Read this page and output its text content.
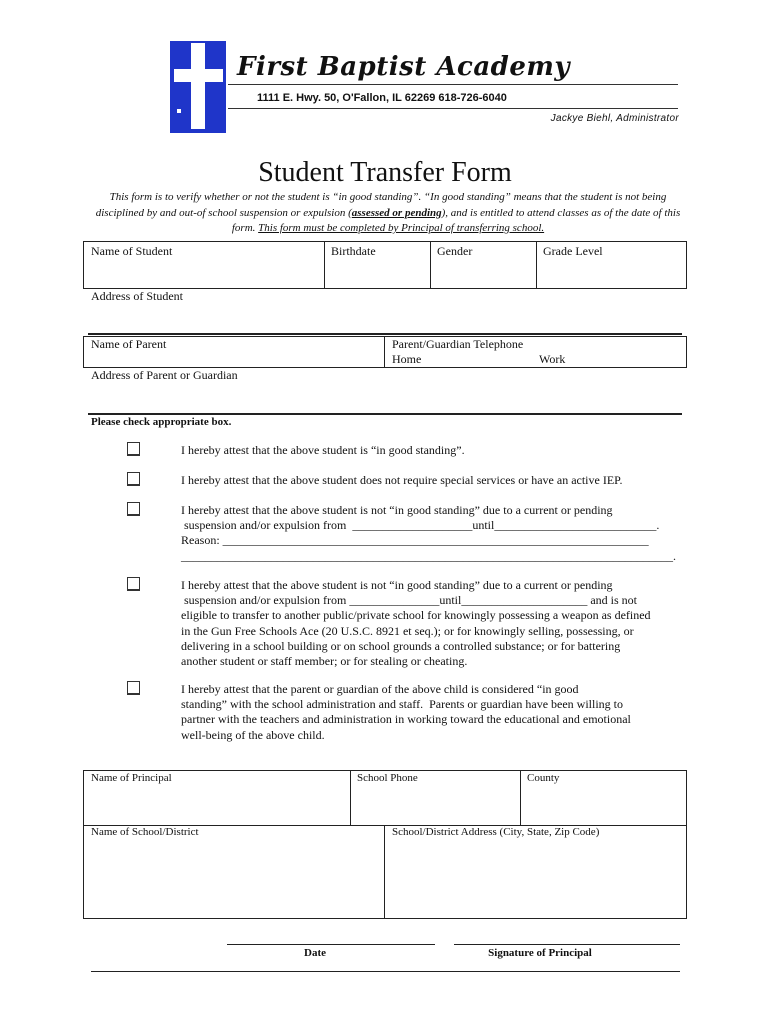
First Baptist Academy
1111 E. Hwy. 50, O'Fallon, IL 62269 618-726-6040
Jackye Biehl, Administrator
Student Transfer Form
This form is to verify whether or not the student is “in good standing”. “In good standing” means that the student is not being disciplined by and out-of school suspension or expulsion (assessed or pending), and is entitled to attend classes as of the date of this form. This form must be completed by Principal of transferring school.
Name of Student	Birthdate	Gender	Grade Level
Address of Student
Name of Parent	Parent/Guardian Telephone
Home	Work
Address of Parent or Guardian
Please check appropriate box.
I hereby attest that the above student is “in good standing”.
I hereby attest that the above student does not require special services or have an active IEP.
I hereby attest that the above student is not “in good standing” due to a current or pending
suspension and/or expulsion from  ____________________until___________________________.
Reason: _______________________________________________________________________
__________________________________________________________________________________.
I hereby attest that the above student is not “in good standing” due to a current or pending
suspension and/or expulsion from _______________until_____________________ and is not
eligible to transfer to another public/private school for knowingly possessing a weapon as defined
in the Gun Free Schools Ace (20 U.S.C. 8921 et seq.); or for knowingly selling, possessing, or
delivering in a school building or on school grounds a controlled substance; or for battering
another student or staff member; or for stealing or cheating.
I hereby attest that the parent or guardian of the above child is considered “in good
standing” with the school administration and staff.  Parents or guardian have been willing to
partner with the teachers and administration in working toward the educational and emotional
well-being of the above child.
Name of Principal	School Phone	County
Name of School/District	School/District Address (City, State, Zip Code)
Date	Signature of Principal
